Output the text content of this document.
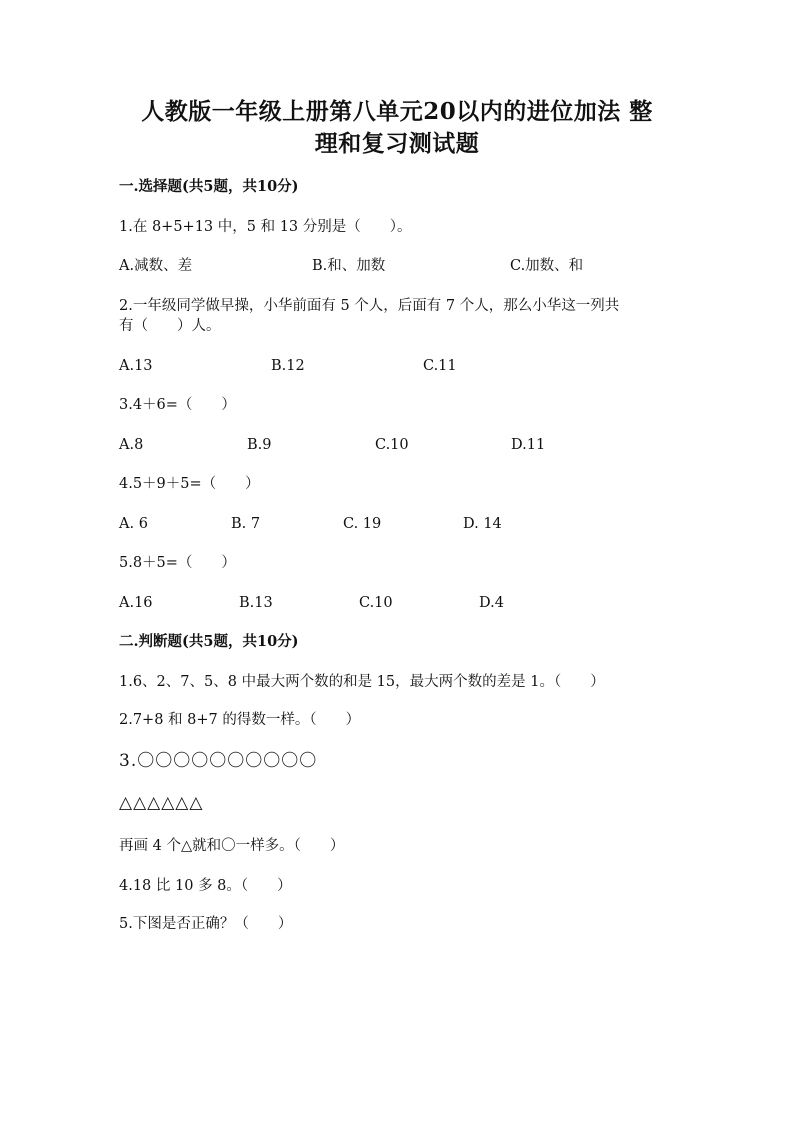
人教版一年级上册第八单元20以内的进位加法 整
理和复习测试题
一.选择题(共5题，共10分)
1.在 8+5+13 中，5 和 13 分别是（　　）。
A.减数、差	B.和、加数	C.加数、和
2.一年级同学做早操，小华前面有 5 个人，后面有 7 个人，那么小华这一列共
有（　　）人。
A.13	B.12	C.11
3.4＋6=（　　）
A.8	B.9	C.10	D.11
4.5＋9＋5=（　　）
A. 6	B. 7	C. 19	D. 14
5.8＋5=（　　）
A.16	B.13	C.10	D.4
二.判断题(共5题，共10分)
1.6、2、7、5、8 中最大两个数的和是 15，最大两个数的差是 1。（　　）
2.7+8 和 8+7 的得数一样。（　　）
3.〇〇〇〇〇〇〇〇〇〇
△△△△△△
再画 4 个△就和〇一样多。（　　）
4.18 比 10 多 8。（　　）
5.下图是否正确？（　　）
